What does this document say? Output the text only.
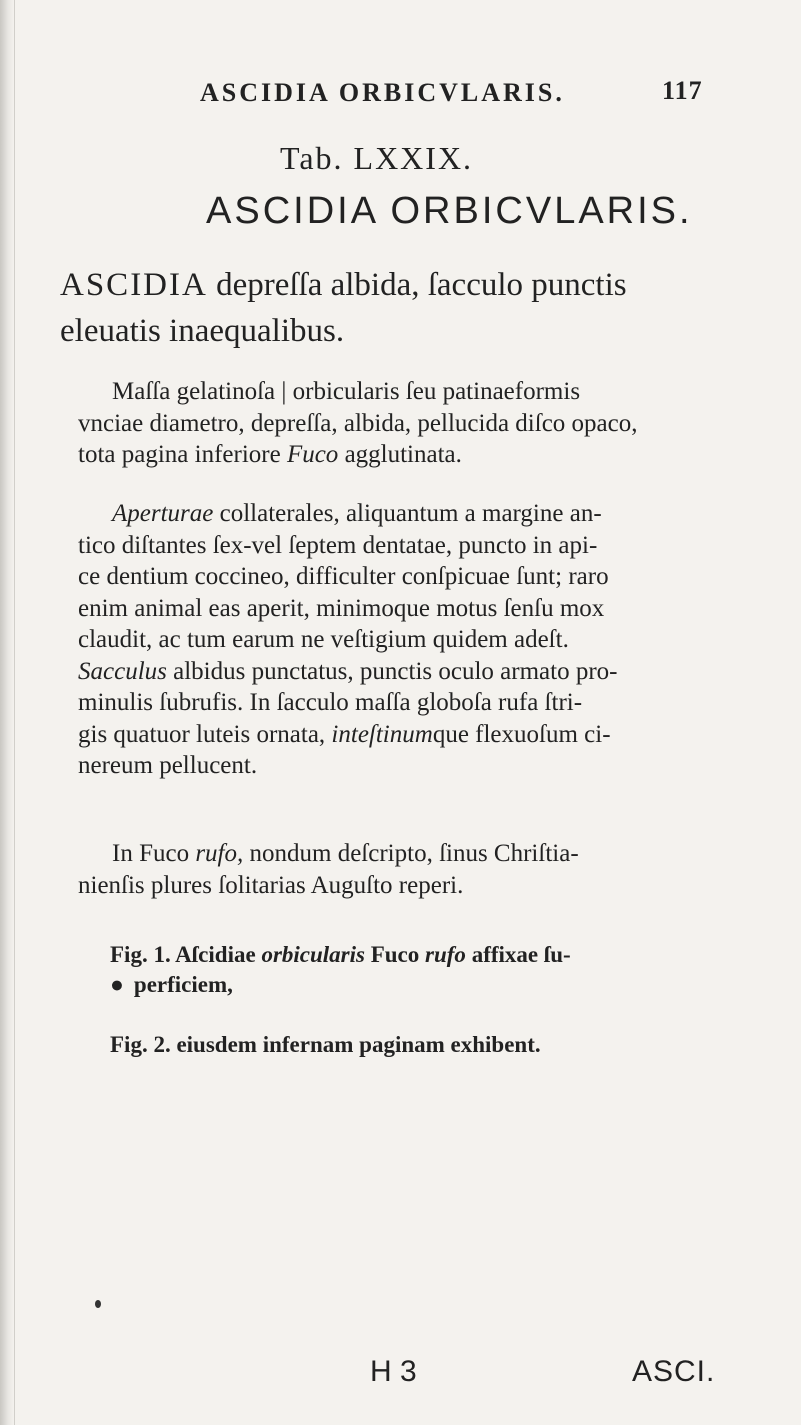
ASCIDIA ORBICVLARIS.	117
Tab. LXXIX.
ASCIDIA ORBICVLARIS.
ASCIDIA depreſſa albida, ſacculo punctis
eleuatis inaequalibus.
Maſſa gelatinoſa | orbicularis ſeu patinaeformis
vnciae diametro, depreſſa, albida, pellucida diſco opaco,
tota pagina inferiore Fuco agglutinata.
Aperturae collaterales, aliquantum a margine an-
tico diſtantes ſex-vel ſeptem dentatae, puncto in api-
ce dentium coccineo, difficulter conſpicuae ſunt; raro
enim animal eas aperit, minimoque motus ſenſu mox
claudit, ac tum earum ne veſtigium quidem adeſt.
Sacculus albidus punctatus, punctis oculo armato pro-
minulis ſubrufis. In ſacculo maſſa globoſa rufa ſtri-
gis quatuor luteis ornata, inteſtinumque flexuoſum ci-
nereum pellucent.
In Fuco rufo, nondum deſcripto, ſinus Chriſtia-
nienſis plures ſolitarias Auguſto reperi.
Fig. 1. Aſcidiae orbicularis Fuco rufo affixae ſu-
● perficiem,
Fig. 2. eiusdem infernam paginam exhibent.
H 3	ASCI.
